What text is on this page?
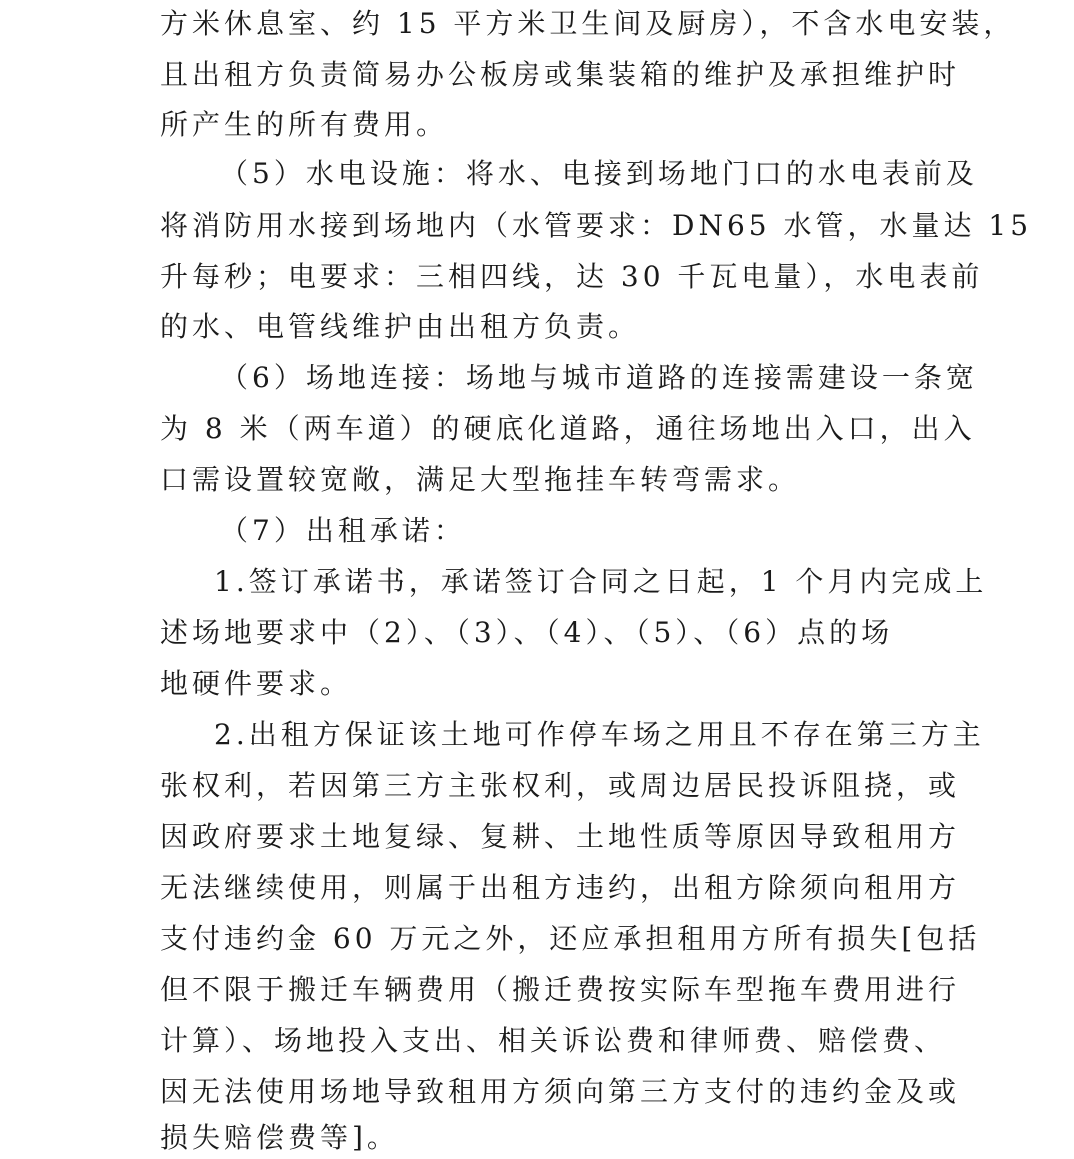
方米休息室、约 15 平方米卫生间及厨房），不含水电安装，
且出租方负责简易办公板房或集装箱的维护及承担维护时
所产生的所有费用。
（5）水电设施：将水、电接到场地门口的水电表前及
将消防用水接到场地内（水管要求：DN65 水管，水量达 15
升每秒；电要求：三相四线，达 30 千瓦电量），水电表前
的水、电管线维护由出租方负责。
（6）场地连接：场地与城市道路的连接需建设一条宽
为 8 米（两车道）的硬底化道路，通往场地出入口，出入
口需设置较宽敞，满足大型拖挂车转弯需求。
（7）出租承诺：
1.签订承诺书，承诺签订合同之日起，1 个月内完成上
述场地要求中（2）、（3）、（4）、（5）、（6）点的场
地硬件要求。
2.出租方保证该土地可作停车场之用且不存在第三方主
张权利，若因第三方主张权利，或周边居民投诉阻挠，或
因政府要求土地复绿、复耕、土地性质等原因导致租用方
无法继续使用，则属于出租方违约，出租方除须向租用方
支付违约金 60 万元之外，还应承担租用方所有损失[包括
但不限于搬迁车辆费用（搬迁费按实际车型拖车费用进行
计算）、场地投入支出、相关诉讼费和律师费、赔偿费、
因无法使用场地导致租用方须向第三方支付的违约金及或
损失赔偿费等]。
